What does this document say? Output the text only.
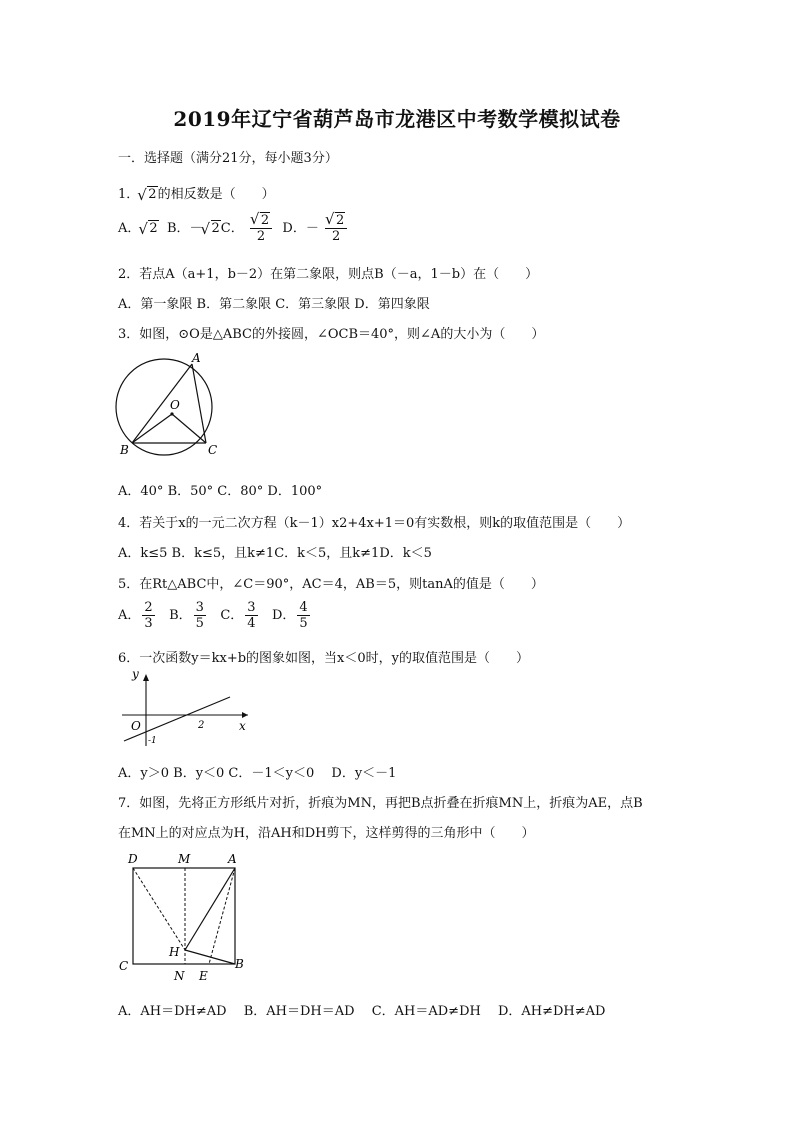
2019年辽宁省葫芦岛市龙港区中考数学模拟试卷
一．选择题（满分21分，每小题3分）
1． √ 2的相反数是（　　）
A． √ 2 B．－ √ 2C． √ $\frac{2}{2}$ D．－ √ $\frac{2}{2}$
2．若点A（a+1，b－2）在第二象限，则点B（－a，1－b）在（　　）
A．第一象限 B．第二象限 C．第三象限 D．第四象限
3．如图，⊙O是△ABC的外接圆，∠OCB＝40°，则∠A的大小为（　　）
A
O
B	C
A．40° B．50° C．80° D．100°
4．若关于x的一元二次方程（k－1）x2+4x+1＝0有实数根，则k的取值范围是（　　）
A．k≤5 B．k≤5，且k≠1C．k＜5，且k≠1D．k＜5
5．在Rt△ABC中，∠C＝90°，AC＝4，AB＝5，则tanA的值是（　　）
A． $\frac{2}{3}$ B． $\frac{3}{5}$ C． $\frac{3}{4}$ D． $\frac{4}{5}$
6．一次函数y＝kx+b的图象如图，当x＜0时，y的取值范围是（　　）
y
x
O	2
-1
A．y＞0 B．y＜0 C．－1＜y＜0　 D．y＜－1
7．如图，先将正方形纸片对折，折痕为MN，再把B点折叠在折痕MN上，折痕为AE，点B
在MN上的对应点为H，沿AH和DH剪下，这样剪得的三角形中（　　）
D	M	A
H
B
C
N E
A．AH＝DH≠AD　 B．AH＝DH＝AD　 C．AH＝AD≠DH　 D．AH≠DH≠AD
